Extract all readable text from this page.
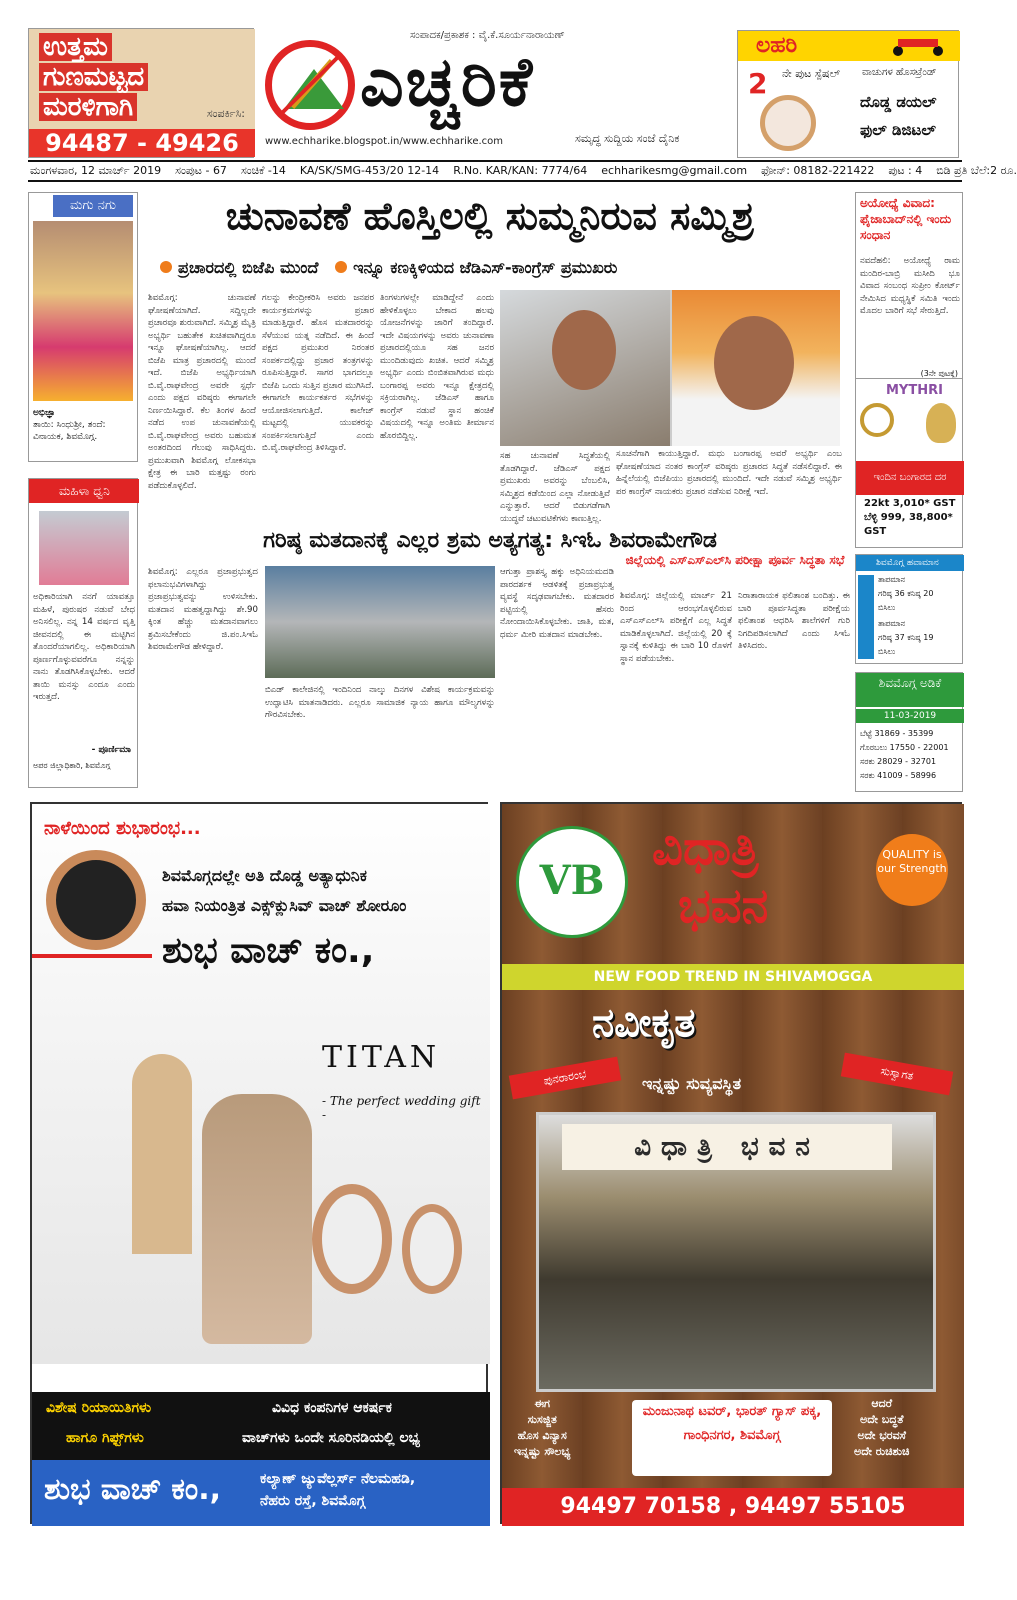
ಉತ್ತಮ
ಗುಣಮಟ್ಟದ
ಮರಳಿಗಾಗಿ	ಸಂಪರ್ಕಿಸಿ:
94487 - 49426
ಸಂಪಾದಕ/ಪ್ರಕಾಶಕ : ವೈ.ಕೆ.ಸೂರ್ಯನಾರಾಯಣ್
ಎಚ್ಚರಿಕೆ
www.echharike.blogspot.in/www.echharike.com	ಸಮೃದ್ಧ ಸುದ್ದಿಯ ಸಂಜೆ ದೈನಿಕ
ಲಹರಿ
2 ನೇ ಪುಟ ಸ್ಪೆಷಲ್ ವಾಚುಗಳ ಹೊಸಟ್ರೆಂಡ್
ದೊಡ್ಡ ಡಯಲ್
ಫುಲ್ ಡಿಜಿಟಲ್
ಮಂಗಳವಾರ, 12 ಮಾರ್ಚ್ 2019 ಸಂಪುಟ - 67 ಸಂಚಿಕೆ -14 KA/SK/SMG-453/20 12-14 R.No. KAR/KAN: 7774/64 echharikesmg@gmail.com ಫೋನ್: 08182-221422 ಪುಟ : 4 ಬಿಡಿ ಪ್ರತಿ ಬೆಲೆ:2 ರೂ.
ಮಗು ನಗು
ಅಭಿಜ್ಞಾ
ತಾಯಿ: ಸಿಂಧುಶ್ರೀ, ತಂದೆ: ವಿನಾಯಕ, ಶಿವಮೊಗ್ಗ.
ಚುನಾವಣೆ ಹೊಸ್ತಿಲಲ್ಲಿ ಸುಮ್ಮನಿರುವ ಸಮ್ಮಿಶ್ರ
ಪ್ರಚಾರದಲ್ಲಿ ಬಿಜೆಪಿ ಮುಂದೆ ಇನ್ನೂ ಕಣಕ್ಕಿಳಿಯದ ಜೆಡಿಎಸ್-ಕಾಂಗ್ರೆಸ್ ಪ್ರಮುಖರು
ಶಿವಮೊಗ್ಗ: ಚುನಾವಣೆ ಘೋಷಣೆಯಾಗಿದೆ. ಸದ್ದಿಲ್ಲದೇ ಪ್ರಚಾರವೂ ಶುರುವಾಗಿದೆ. ಸಮ್ಮಿಶ್ರ ಮೈತ್ರಿ ಅಭ್ಯರ್ಥಿ ಬಹುತೇಕ ಖಚಿತವಾಗಿದ್ದರೂ ಇನ್ನೂ ಘೋಷಣೆಯಾಗಿಲ್ಲ. ಆದರೆ ಬಿಜೆಪಿ ಮಾತ್ರ ಪ್ರಚಾರದಲ್ಲಿ ಮುಂದೆ ಇದೆ. ಬಿಜೆಪಿ ಅಭ್ಯರ್ಥಿಯಾಗಿ ಬಿ.ವೈ.ರಾಘವೇಂದ್ರ ಅವರೇ ಸ್ಪರ್ಧೆ ಎಂದು ಪಕ್ಷದ ವರಿಷ್ಠರು ಈಗಾಗಲೇ ನಿರ್ಣಯಿಸಿದ್ದಾರೆ. ಕೆಲ ತಿಂಗಳ ಹಿಂದೆ ನಡೆದ ಉಪ ಚುನಾವಣೆಯಲ್ಲಿ ಬಿ.ವೈ.ರಾಘವೇಂದ್ರ ಅವರು ಬಹುಮತ ಅಂತರದಿಂದ ಗೆಲುವು ಸಾಧಿಸಿದ್ದರು. ಪ್ರಮುಖವಾಗಿ ಶಿವಮೊಗ್ಗ ಲೋಕಸಭಾ ಕ್ಷೇತ್ರ ಈ ಬಾರಿ ಮತ್ತಷ್ಟು ರಂಗು ಪಡೆದುಕೊಳ್ಳಲಿದೆ.
ಗಲನ್ನು ಕೇಂದ್ರೀಕರಿಸಿ ಅವರು ಜನಪರ ಕಾರ್ಯಕ್ರಮಗಳನ್ನು ಪ್ರಚಾರ ಮಾಡುತ್ತಿದ್ದಾರೆ. ಹೊಸ ಮತದಾರರನ್ನು ಸೆಳೆಯುವ ಯತ್ನ ನಡೆದಿದೆ. ಈ ಹಿಂದೆ ಪಕ್ಷದ ಪ್ರಮುಖರ ನಿರಂತರ ಸಂಪರ್ಕದಲ್ಲಿದ್ದು ಪ್ರಚಾರ ತಂತ್ರಗಳನ್ನು ರೂಪಿಸುತ್ತಿದ್ದಾರೆ. ಸಾಗರ ಭಾಗದಲ್ಲೂ ಬಿಜೆಪಿ ಒಂದು ಸುತ್ತಿನ ಪ್ರಚಾರ ಮುಗಿಸಿದೆ. ಈಗಾಗಲೇ ಕಾರ್ಯಕರ್ತರ ಸಭೆಗಳನ್ನು ಆಯೋಜಿಸಲಾಗುತ್ತಿದೆ. ಕಾಲೇಜ್ ಮಟ್ಟದಲ್ಲಿ ಯುವಕರನ್ನು ಸಂಪರ್ಕಿಸಲಾಗುತ್ತಿದೆ ಎಂದು ಬಿ.ವೈ.ರಾಘವೇಂದ್ರ ತಿಳಿಸಿದ್ದಾರೆ.
ತಿಂಗಳುಗಳಲ್ಲೇ ಮಾಡಿದ್ದೇನೆ ಎಂದು ಹೇಳಿಕೊಳ್ಳಲು ಬೇಕಾದ ಹಲವು ಯೋಜನೆಗಳನ್ನು ಜಾರಿಗೆ ತಂದಿದ್ದಾರೆ. ಇದೇ ವಿಷಯಗಳನ್ನು ಅವರು ಚುನಾವಣಾ ಪ್ರಚಾರದಲ್ಲಿಯೂ ಸಹ ಜನರ ಮುಂದಿಡುವುದು ಖಚಿತ. ಆದರೆ ಸಮ್ಮಿಶ್ರ ಅಭ್ಯರ್ಥಿ ಎಂದು ಬಿಂಬಿತವಾಗಿರುವ ಮಧು ಬಂಗಾರಪ್ಪ ಅವರು ಇನ್ನೂ ಕ್ಷೇತ್ರದಲ್ಲಿ ಸಕ್ರಿಯರಾಗಿಲ್ಲ. ಜೆಡಿಎಸ್ ಹಾಗೂ ಕಾಂಗ್ರೆಸ್ ನಡುವೆ ಸ್ಥಾನ ಹಂಚಿಕೆ ವಿಷಯದಲ್ಲಿ ಇನ್ನೂ ಅಂತಿಮ ತೀರ್ಮಾನ ಹೊರಬಿದ್ದಿಲ್ಲ.
ಸಹ ಚುನಾವಣೆ ಸಿದ್ಧತೆಯಲ್ಲಿ ತೊಡಗಿದ್ದಾರೆ. ಜೆಡಿಎಸ್ ಪಕ್ಷದ ಪ್ರಮುಖರು ಅವರನ್ನು ಬೆಂಬಲಿಸಿ, ಸಮ್ಮಿಶ್ರದ ಕಡೆಯಿಂದ ಎಲ್ಲಾ ನೋಡುತ್ತಿವೆ ಎನ್ನುತ್ತಾರೆ. ಆದರೆ ಬಿಡುಗಡೆಗಾಗಿ ಯುದ್ಧವೆ ಚಟುವಟಿಕೆಗಳು ಕಾಣುತ್ತಿಲ್ಲ.
ಸೂಚನೆಗಾಗಿ ಕಾಯುತ್ತಿದ್ದಾರೆ. ಮಧು ಬಂಗಾರಪ್ಪ ಅವರೆ ಅಭ್ಯರ್ಥಿ ಎಂಬ ಘೋಷಣೆಯಾದ ನಂತರ ಕಾಂಗ್ರೆಸ್ ವರಿಷ್ಠರು ಪ್ರಚಾರದ ಸಿದ್ಧತೆ ನಡೆಸಲಿದ್ದಾರೆ. ಈ ಹಿನ್ನೆಲೆಯಲ್ಲಿ ಬಿಜೆಪಿಯು ಪ್ರಚಾರದಲ್ಲಿ ಮುಂದಿದೆ. ಇದೇ ನಡುವೆ ಸಮ್ಮಿಶ್ರ ಅಭ್ಯರ್ಥಿ ಪರ ಕಾಂಗ್ರೆಸ್ ನಾಯಕರು ಪ್ರಚಾರ ನಡೆಸುವ ನಿರೀಕ್ಷೆ ಇದೆ.
ಅಯೋಧ್ಯೆ ವಿವಾದ: ಫೈಜಾಬಾದ್‌ನಲ್ಲಿ ಇಂದು ಸಂಧಾನ
ನವದೆಹಲಿ: ಅಯೋಧ್ಯೆ ರಾಮ ಮಂದಿರ-ಬಾಬ್ರಿ ಮಸೀದಿ ಭೂ ವಿವಾದ ಸಂಬಂಧ ಸುಪ್ರೀಂ ಕೋರ್ಟ್ ನೇಮಿಸಿದ ಮಧ್ಯಸ್ಥಿಕೆ ಸಮಿತಿ ಇಂದು ಮೊದಲ ಬಾರಿಗೆ ಸಭೆ ಸೇರುತ್ತಿದೆ.
(3ನೇ ಪುಟಕ್ಕೆ)
MYTHRI
ಇಂದಿನ ಬಂಗಾರದ ದರ
22kt 3,010* GST
ಬೆಳ್ಳಿ 999, 38,800* GST
ಶಿವಮೊಗ್ಗ ಹವಾಮಾನ
ತಾಪಮಾನ
ಗರಿಷ್ಠ 36 ಕನಿಷ್ಠ 20
ಬಿಸಿಲು
ತಾಪಮಾನ
ಗರಿಷ್ಠ 37 ಕನಿಷ್ಠ 19
ಬಿಸಿಲು
ಶಿವಮೊಗ್ಗ ಅಡಿಕೆ
11-03-2019
ಬೆಟ್ಟೆ 31869 - 35399
ಗೊರಬಲು 17550 - 22001
ಸರಕು 28029 - 32701
ಸರಕು 41009 - 58996
ಗರಿಷ್ಠ ಮತದಾನಕ್ಕೆ ಎಲ್ಲರ ಶ್ರಮ ಅತ್ಯಗತ್ಯ: ಸಿಇಓ ಶಿವರಾಮೇಗೌಡ
ಶಿವಮೊಗ್ಗ: ಎಲ್ಲರೂ ಪ್ರಜಾಪ್ರಭುತ್ವದ ಫಲಾನುಭವಿಗಳಾಗಿದ್ದು ಪ್ರಜಾಪ್ರಭುತ್ವವನ್ನು ಉಳಿಸಬೇಕು. ಮತದಾನ ಮಹತ್ವದ್ದಾಗಿದ್ದು ಶೇ.90 ಕ್ಕಿಂತ ಹೆಚ್ಚು ಮತದಾನವಾಗಲು ಶ್ರಮಿಸಬೇಕೆಂದು ಜಿ.ಪಂ.ಸಿಇಓ ಶಿವರಾಮೇಗೌಡ ಹೇಳಿದ್ದಾರೆ.
ಬಿಎಡ್ ಕಾಲೇಜಿನಲ್ಲಿ ಇಂದಿನಿಂದ ನಾಲ್ಕು ದಿನಗಳ ವಿಶೇಷ ಕಾರ್ಯಕ್ರಮವನ್ನು ಉದ್ಘಾಟಿಸಿ ಮಾತನಾಡಿದರು. ಎಲ್ಲರೂ ಸಾಮಾಜಿಕ ನ್ಯಾಯ ಹಾಗೂ ಮೌಲ್ಯಗಳನ್ನು ಗೌರವಿಸಬೇಕು.
ಆಗುತ್ತಾ ಪ್ರಾಶಸ್ತ್ಯ ಹಕ್ಕು ಅಧಿನಿಯಮದಡಿ ಪಾರದರ್ಶಕ ಆಡಳಿತಕ್ಕೆ ಪ್ರಜಾಪ್ರಭುತ್ವ ವ್ಯವಸ್ಥೆ ಸದೃಢವಾಗಬೇಕು. ಮತದಾರರ ಪಟ್ಟಿಯಲ್ಲಿ ಹೆಸರು ನೋಂದಾಯಿಸಿಕೊಳ್ಳಬೇಕು. ಜಾತಿ, ಮತ, ಧರ್ಮ ಮೀರಿ ಮತದಾನ ಮಾಡಬೇಕು.
ಜಿಲ್ಲೆಯಲ್ಲಿ ಎಸ್‌ಎಸ್‌ಎಲ್‌ಸಿ ಪರೀಕ್ಷಾ ಪೂರ್ವ ಸಿದ್ಧತಾ ಸಭೆ
ಶಿವಮೊಗ್ಗ: ಜಿಲ್ಲೆಯಲ್ಲಿ ಮಾರ್ಚ್ 21 ರಿಂದ ಆರಂಭಗೊಳ್ಳಲಿರುವ ಎಸ್‌ಎಸ್‌ಎಲ್‌ಸಿ ಪರೀಕ್ಷೆಗೆ ಎಲ್ಲ ಸಿದ್ಧತೆ ಮಾಡಿಕೊಳ್ಳಲಾಗಿದೆ. ಜಿಲ್ಲೆಯಲ್ಲಿ 20 ಕ್ಕೆ ಸ್ವಾನಕ್ಕೆ ಕುಳಿತಿದ್ದು ಈ ಬಾರಿ 10 ರೊಳಗೆ ಸ್ಥಾನ ಪಡೆಯಬೇಕು.
ನಿರಾತಾರಾಯಕ ಫಲಿತಾಂಶ ಬಂದಿತ್ತು. ಈ ಬಾರಿ ಪೂರ್ವಸಿದ್ಧತಾ ಪರೀಕ್ಷೆಯ ಫಲಿತಾಂಶ ಆಧರಿಸಿ ಶಾಲೆಗಳಿಗೆ ಗುರಿ ನಿಗದಿಪಡಿಸಲಾಗಿದೆ ಎಂದು ಸಿಇಓ ತಿಳಿಸಿದರು.
ಮಹಿಳಾ ಧ್ವನಿ
ಅಧಿಕಾರಿಯಾಗಿ ನನಗೆ ಯಾವತ್ತೂ ಮಹಿಳೆ, ಪುರುಷರ ನಡುವೆ ಬೇಧ ಅನಿಸಲಿಲ್ಲ. ನನ್ನ 14 ವರ್ಷದ ವೃತ್ತಿ ಜೀವನದಲ್ಲಿ ಈ ಮಟ್ಟಿಗಿನ ತೊಂದರೆಯಾಗಲಿಲ್ಲ. ಅಧಿಕಾರಿಯಾಗಿ ಪೂರ್ಣಗೊಳ್ಳುವವರೆಗೂ ನನ್ನನ್ನು ನಾನು ತೊಡಗಿಸಿಕೊಳ್ಳಬೇಕು. ಆದರೆ ತಾಯಿ ಮನಸ್ಸು ಎಂದೂ ಎಂದು ಇರುತ್ತದೆ.
- ಪೂರ್ಣಿಮಾ
ಅಪರ ಜಿಲ್ಲಾಧಿಕಾರಿ, ಶಿವಮೊಗ್ಗ
ನಾಳೆಯಿಂದ ಶುಭಾರಂಭ...
ಶಿವಮೊಗ್ಗದಲ್ಲೇ ಅತಿ ದೊಡ್ಡ ಅತ್ಯಾಧುನಿಕ
ಹವಾ ನಿಯಂತ್ರಿತ ಎಕ್ಸ್‌ಕ್ಲುಸಿವ್ ವಾಚ್ ಶೋರೂಂ
ಶುಭ ವಾಚ್ ಕಂ.,
TITAN
- The perfect wedding gift -
ವಿಶೇಷ ರಿಯಾಯಿತಿಗಳು
ಹಾಗೂ ಗಿಫ್ಟ್‌ಗಳು
ವಿವಿಧ ಕಂಪನಿಗಳ ಆಕರ್ಷಕ
ವಾಚ್‌ಗಳು ಒಂದೇ ಸೂರಿನಡಿಯಲ್ಲಿ ಲಭ್ಯ
ಶುಭ ವಾಚ್ ಕಂ.,	ಕಲ್ಯಾಣ್ ಜ್ಯುವೆಲ್ಲರ್ಸ್ ನೆಲಮಹಡಿ,
ನೆಹರು ರಸ್ತೆ, ಶಿವಮೊಗ್ಗ
VB
ವಿಧಾತ್ರಿ
ಭವನ
QUALITY is our Strength
NEW FOOD TREND IN SHIVAMOGGA
ನವೀಕೃತ
ಪುನರಾರಂಭ	ಸುಸ್ವಾಗತ
ಇನ್ನಷ್ಟು ಸುವ್ಯವಸ್ಥಿತ
ವಿಧಾತ್ರಿ ಭವನ
ಈಗ
ಸುಸಜ್ಜಿತ
ಹೊಸ ವಿನ್ಯಾಸ
ಇನ್ನಷ್ಟು ಸೌಲಭ್ಯ
ಮಂಜುನಾಥ ಟವರ್, ಭಾರತ್ ಗ್ಯಾಸ್ ಪಕ್ಕ, ಗಾಂಧಿನಗರ, ಶಿವಮೊಗ್ಗ
ಆದರೆ
ಅದೇ ಬದ್ಧತೆ
ಅದೇ ಭರವಸೆ
ಅದೇ ರುಚಿಶುಚಿ
94497 70158 , 94497 55105
